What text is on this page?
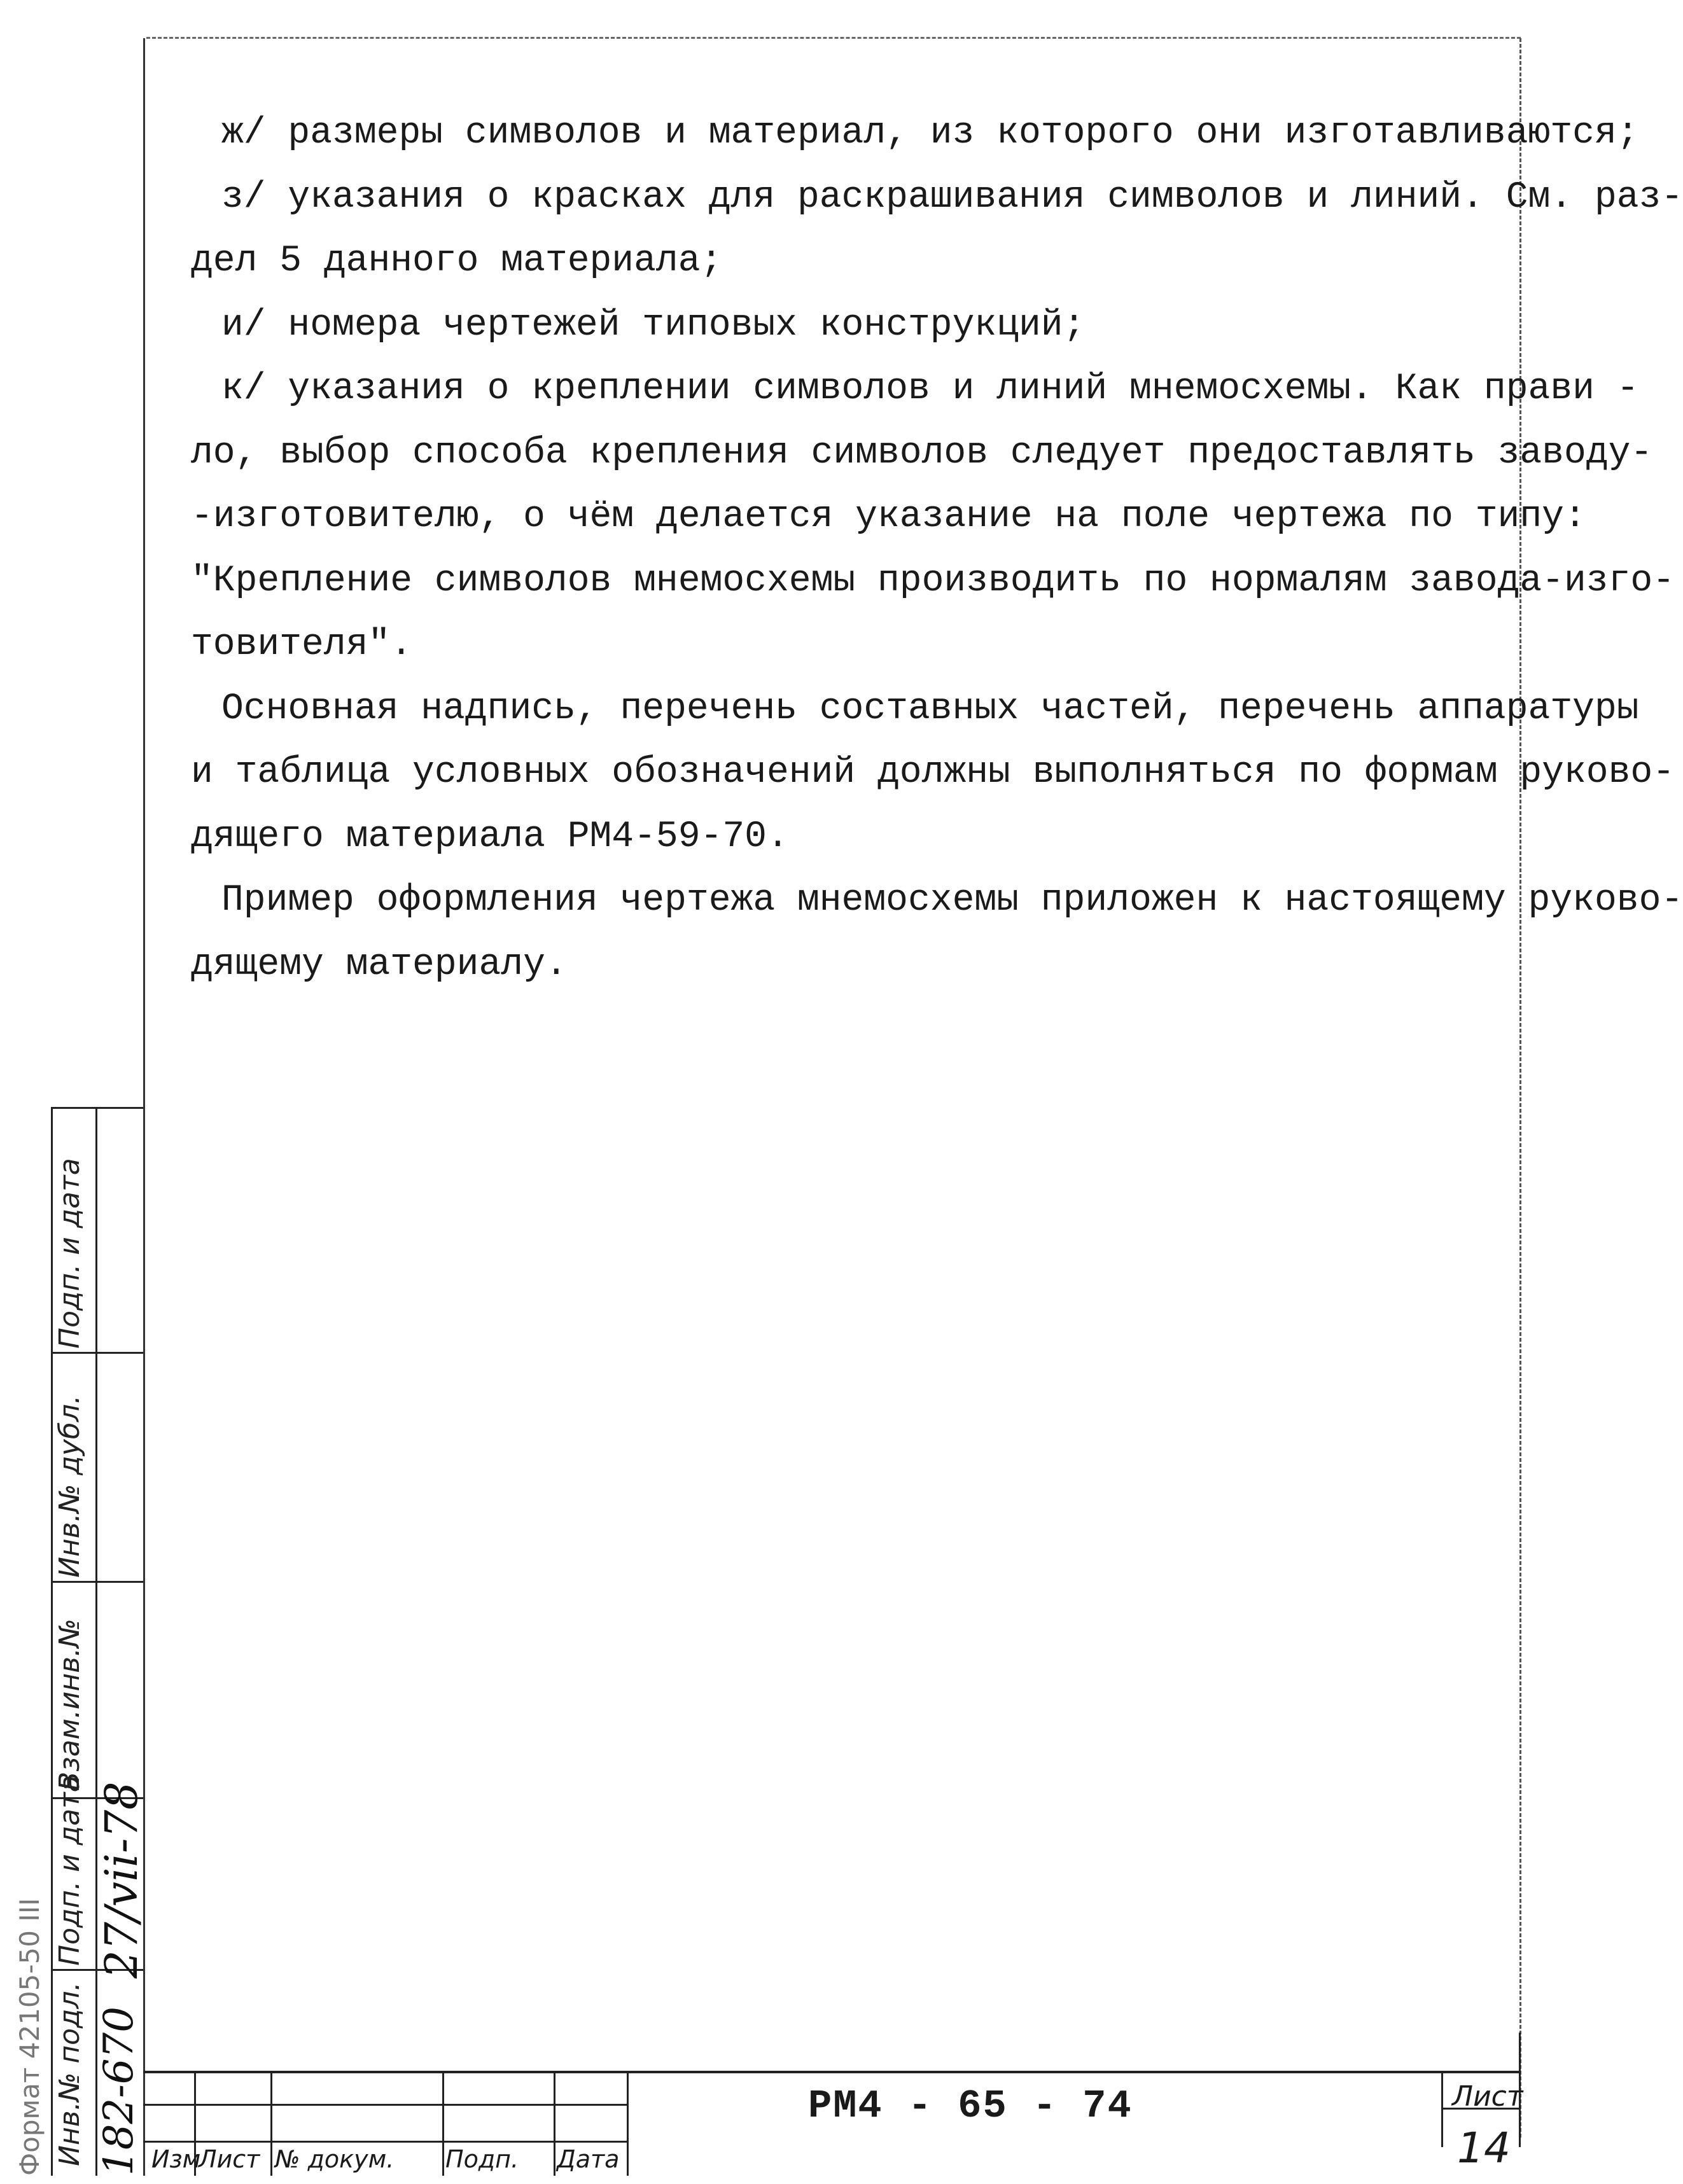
ж/ размеры символов и материал, из которого они изготавливаются;
з/ указания о красках для раскрашивания символов и линий. См. раз-
дел 5 данного материала;
и/ номера чертежей типовых конструкций;
к/ указания о креплении символов и линий мнемосхемы. Как прави -
ло, выбор способа крепления символов следует предоставлять заводу-
-изготовителю, о чём делается указание на поле чертежа по типу:
"Крепление символов мнемосхемы производить по нормалям завода-изго-
товителя".
Основная надпись, перечень составных частей, перечень аппаратуры
и таблица условных обозначений должны выполняться по формам руково-
дящего материала РМ4-59-70.
Пример оформления чертежа мнемосхемы приложен к настоящему руково-
дящему материалу.
Подп. и дата
Инв.№ дубл.
Взам.инв.№
Подп. и дата
Инв.№ подл.
27/vii-78
182-670
Формат 42105-50 III	РМ4 - 65 - 74	Лист
14
Изм
Лист № докум. Подп. Дата
